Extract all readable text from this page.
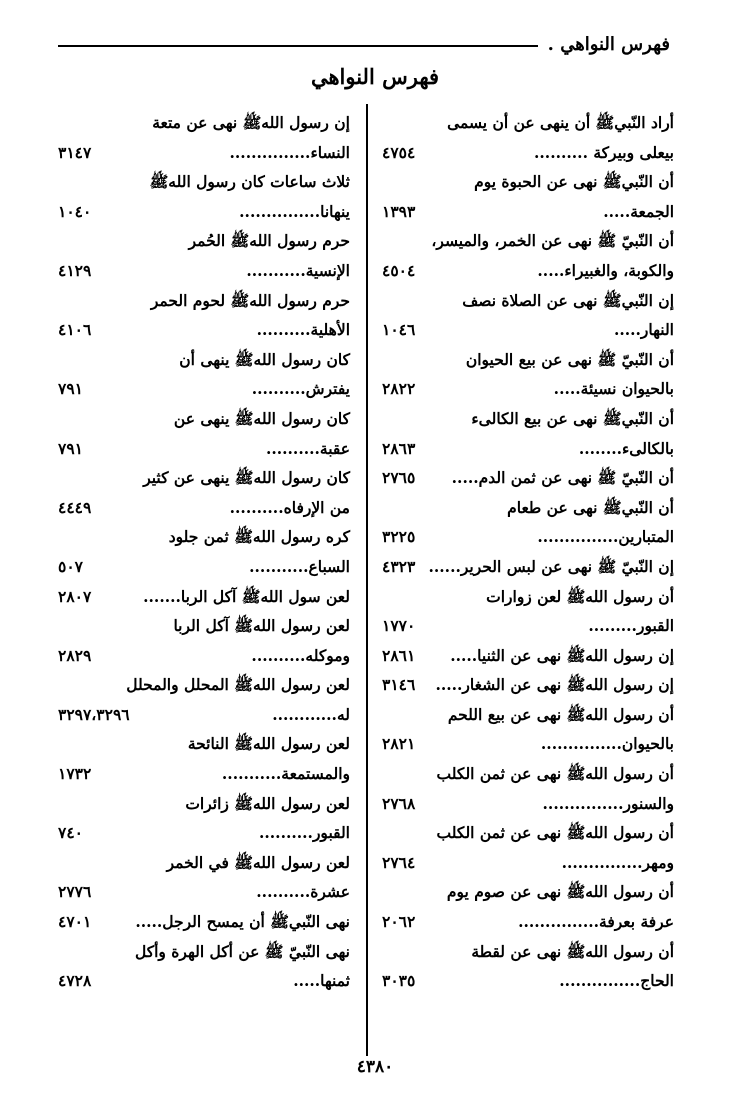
فهرس النواهي .
فهرس النواهي
أراد النّبيﷺ أن ينهى عن أن يسمى
بيعلى وبيركة ..........
٤٧٥٤
أن النّبيﷺ نهى عن الحبوة يوم
الجمعة.....
١٣٩٣
أن النّبيّ ﷺ نهى عن الخمر، والميسر،
والكوبة، والغبيراء.....
٤٥٠٤
إن النّبيﷺ نهى عن الصلاة نصف
النهار.....
١٠٤٦
أن النّبيّ ﷺ نهى عن بيع الحيوان
بالحيوان نسيئة.....
٢٨٢٢
أن النّبيﷺ نهى عن بيع الكالىء
بالكالىء........
٢٨٦٣
أن النّبيّ ﷺ نهى عن ثمن الدم.....
٢٧٦٥
أن النّبيﷺ نهى عن طعام
المتبارين...............
٣٢٢٥
إن النّبيّ ﷺ نهى عن لبس الحرير......
٤٣٢٣
أن رسول اللهﷺ لعن زوارات
القبور.........
١٧٧٠
إن رسول اللهﷺ نهى عن الثنيا.....
٢٨٦١
إن رسول اللهﷺ نهى عن الشغار.....
٣١٤٦
أن رسول اللهﷺ نهى عن بيع اللحم
بالحيوان...............
٢٨٢١
أن رسول اللهﷺ نهى عن ثمن الكلب
والسنور...............
٢٧٦٨
أن رسول اللهﷺ نهى عن ثمن الكلب
ومهر...............
٢٧٦٤
أن رسول اللهﷺ نهى عن صوم يوم
عرفة بعرفة...............
٢٠٦٢
أن رسول اللهﷺ نهى عن لقطة
الحاج...............
٣٠٣٥
إن رسول اللهﷺ نهى عن متعة
النساء...............
٣١٤٧
ثلاث ساعات كان رسول اللهﷺ
ينهانا...............
١٠٤٠
حرم رسول اللهﷺ الحُمر
الإنسية...........
٤١٢٩
حرم رسول اللهﷺ لحوم الحمر
الأهلية..........
٤١٠٦
كان رسول اللهﷺ ينهى أن
يفترش..........
٧٩١
كان رسول اللهﷺ ينهى عن
عقبة..........
٧٩١
كان رسول اللهﷺ ينهى عن كثير
من الإرفاه..........
٤٤٤٩
كره رسول اللهﷺ ثمن جلود
السباع...........
٥٠٧
لعن سول اللهﷺ آكل الربا.......
٢٨٠٧
لعن رسول اللهﷺ آكل الربا
وموكله..........
٢٨٢٩
لعن رسول اللهﷺ المحلل والمحلل
له............
٣٢٩٧،٣٢٩٦
لعن رسول اللهﷺ النائحة
والمستمعة...........
١٧٣٢
لعن رسول اللهﷺ زائرات
القبور..........
٧٤٠
لعن رسول اللهﷺ في الخمر
عشرة..........
٢٧٧٦
نهى النّبيﷺ أن يمسح الرجل.....
٤٧٠١
نهى النّبيّ ﷺ عن أكل الهرة وأكل
ثمنها.....
٤٧٢٨
٤٣٨٠
